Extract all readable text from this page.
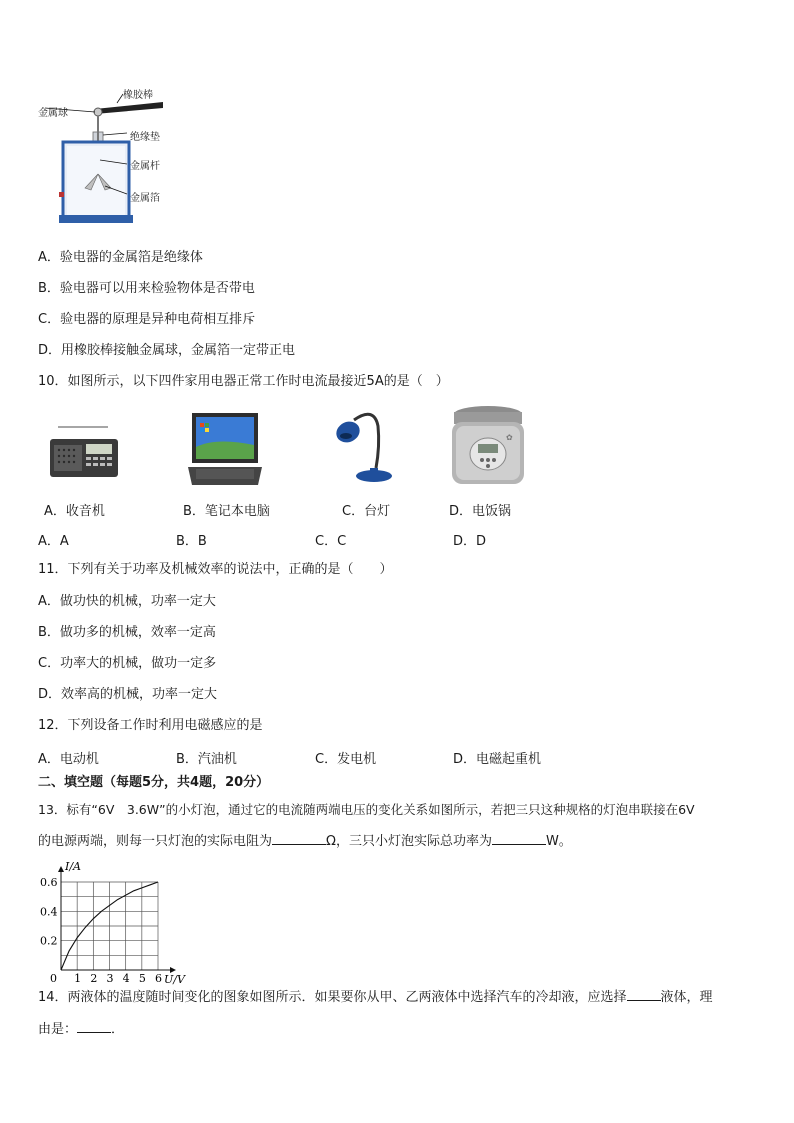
橡胶棒
金属球
绝缘垫
金属杆
金属箔
A．验电器的金属箔是绝缘体
B．验电器可以用来检验物体是否带电
C．验电器的原理是异种电荷相互排斥
D．用橡胶棒接触金属球，金属箔一定带正电
10．如图所示，以下四件家用电器正常工作时电流最接近5A的是（　）
✿
A．收音机	B．笔记本电脑	C．台灯	D．电饭锅
A．A	B．B	C．C	D．D
11．下列有关于功率及机械效率的说法中，正确的是（　　）
A．做功快的机械，功率一定大
B．做功多的机械，效率一定高
C．功率大的机械，做功一定多
D．效率高的机械，功率一定大
12．下列设备工作时利用电磁感应的是
A．电动机	B．汽油机	C．发电机	D．电磁起重机
二、填空题（每题5分，共4题，20分）
13．标有“6V　3.6W”的小灯泡，通过它的电流随两端电压的变化关系如图所示，若把三只这种规格的灯泡串联接在6V
的电源两端，则每一只灯泡的实际电阻为	Ω，三只小灯泡实际总功率为	W。
0 1 2 3 4 5 6
0.2
0.4
0.6
I/A
U/V
14．两液体的温度随时间变化的图象如图所示．如果要你从甲、乙两液体中选择汽车的冷却液，应选择	液体，理
由是：	．
